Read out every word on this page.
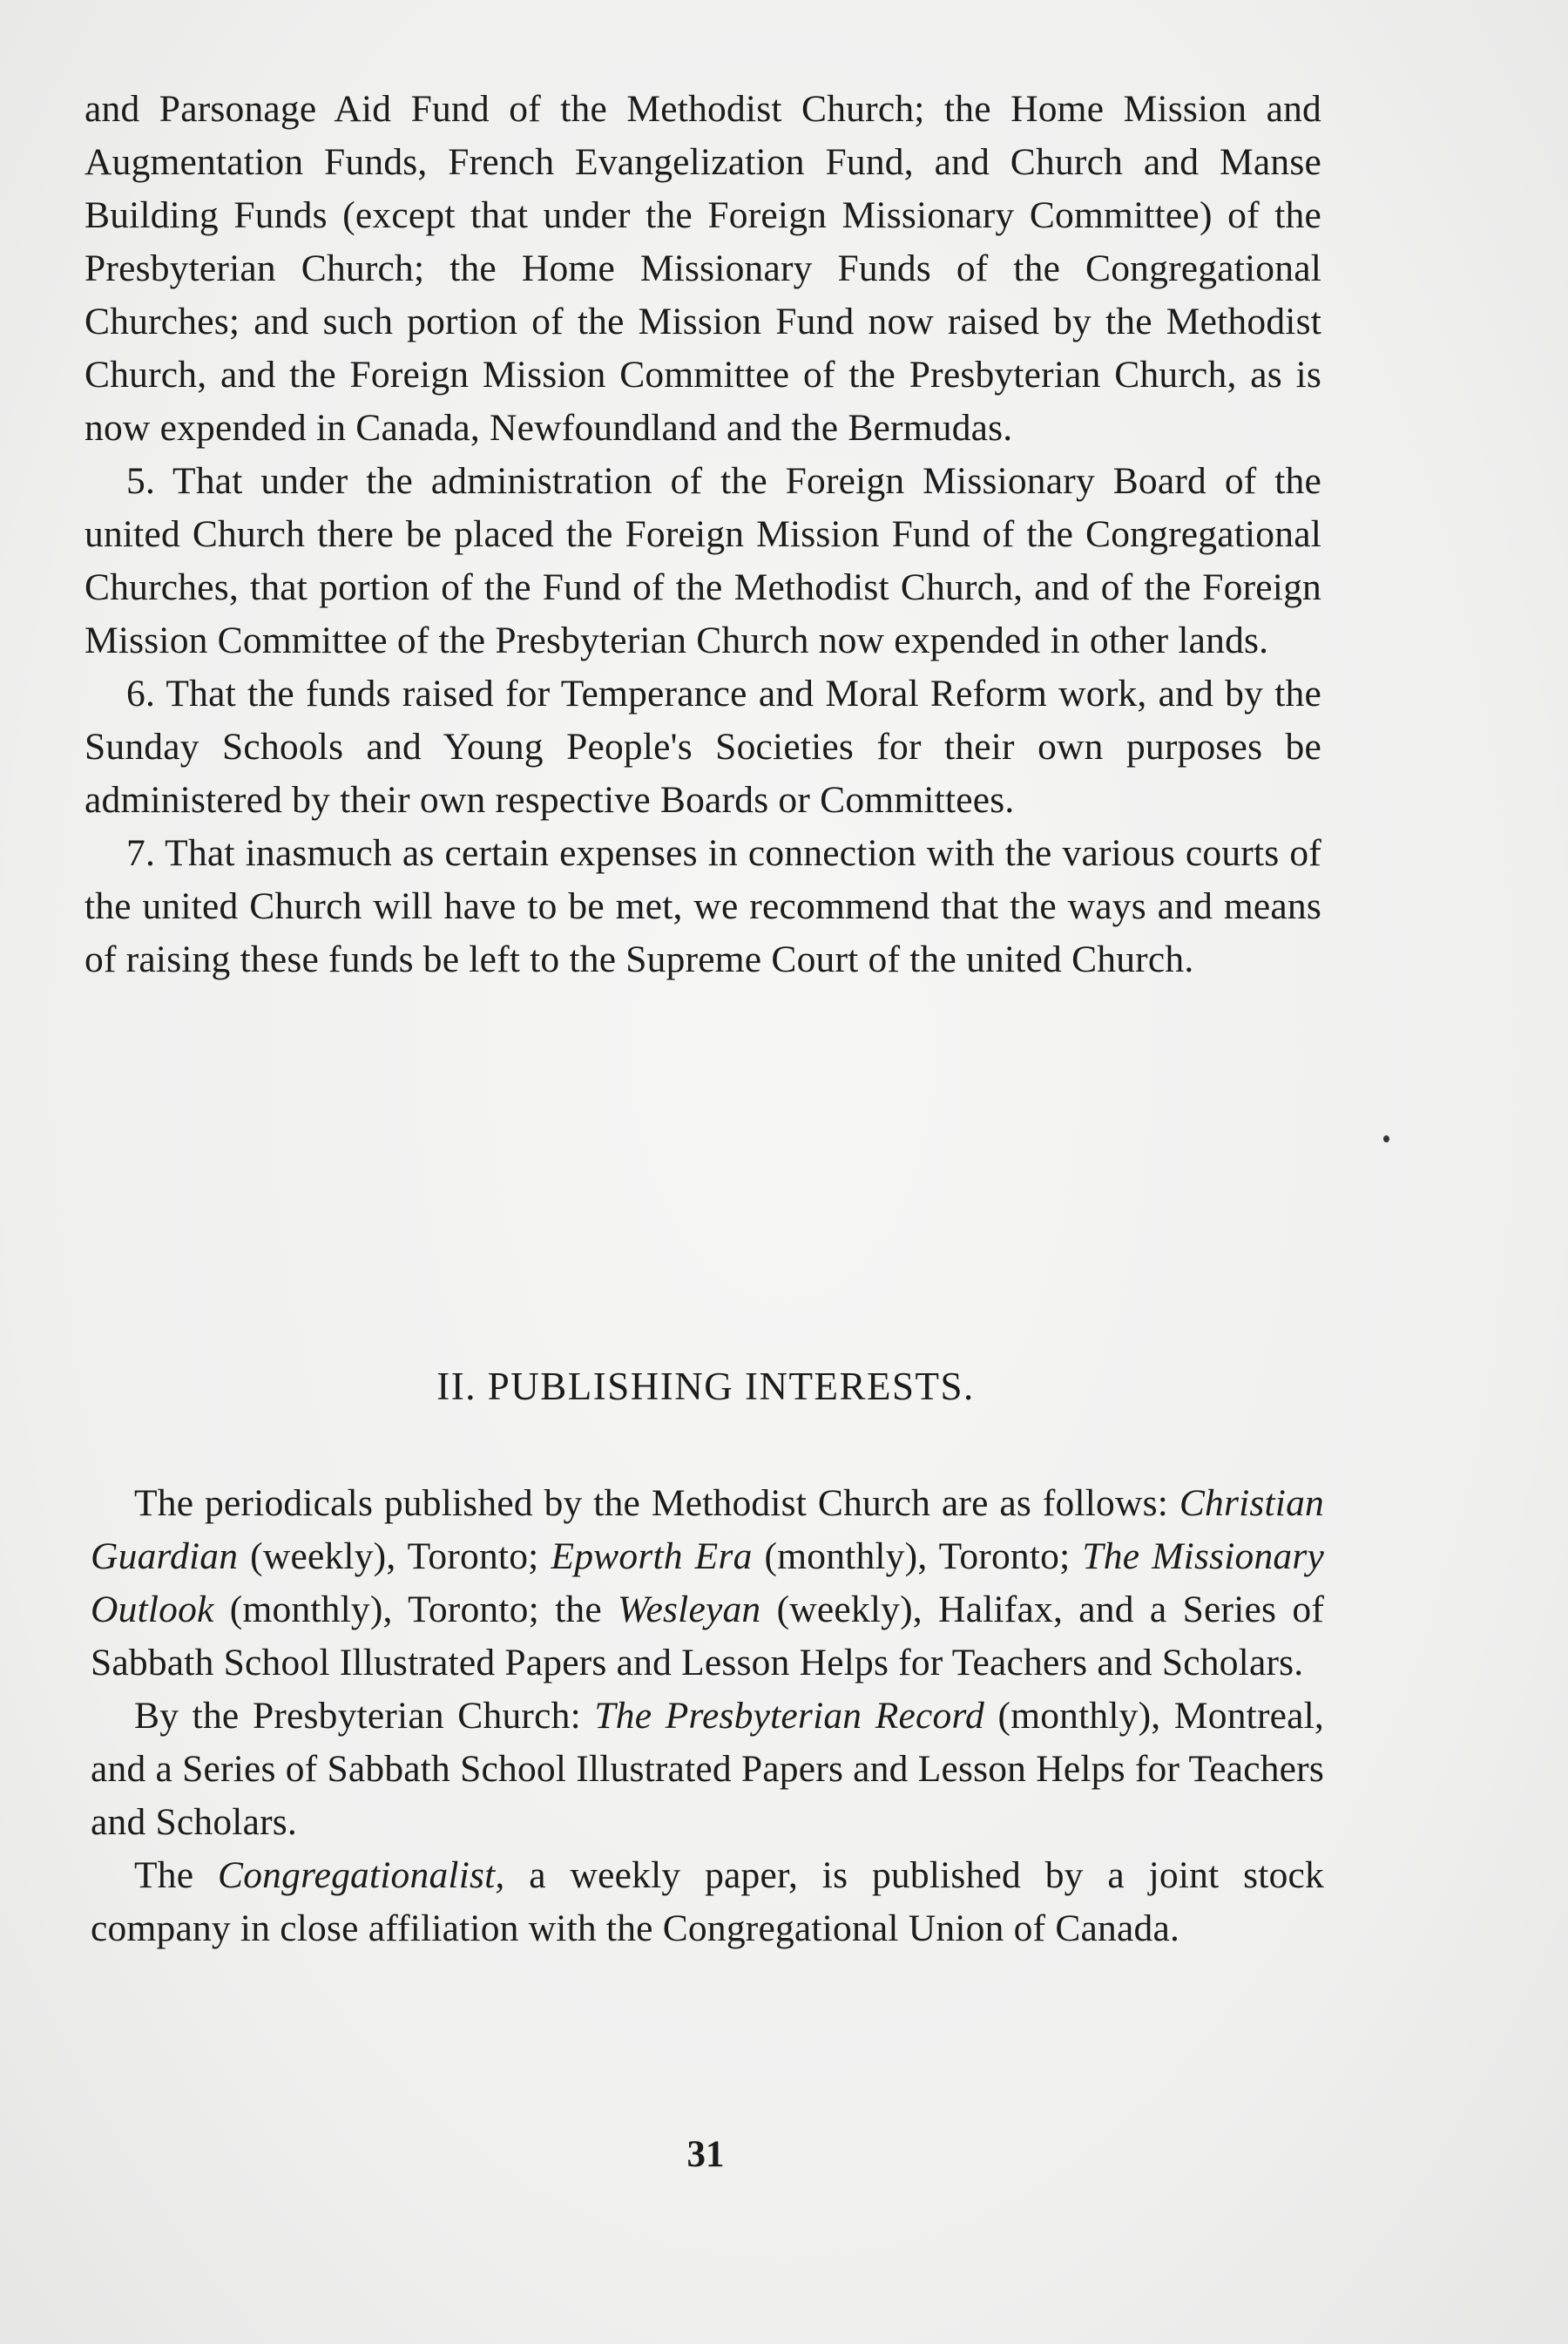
and Parsonage Aid Fund of the Methodist Church; the Home Mission and Augmentation Funds, French Evangelization Fund, and Church and Manse Building Funds (except that under the Foreign Missionary Committee) of the Presbyterian Church; the Home Missionary Funds of the Congregational Churches; and such portion of the Mission Fund now raised by the Methodist Church, and the Foreign Mission Committee of the Presbyterian Church, as is now expended in Canada, Newfoundland and the Bermudas.

5. That under the administration of the Foreign Missionary Board of the united Church there be placed the Foreign Mission Fund of the Congregational Churches, that portion of the Fund of the Methodist Church, and of the Foreign Mission Committee of the Presbyterian Church now expended in other lands.

6. That the funds raised for Temperance and Moral Reform work, and by the Sunday Schools and Young People's Societies for their own purposes be administered by their own respective Boards or Committees.

7. That inasmuch as certain expenses in connection with the various courts of the united Church will have to be met, we recommend that the ways and means of raising these funds be left to the Supreme Court of the united Church.

II. PUBLISHING INTERESTS.

The periodicals published by the Methodist Church are as follows: Christian Guardian (weekly), Toronto; Epworth Era (monthly), Toronto; The Missionary Outlook (monthly), Toronto; the Wesleyan (weekly), Halifax, and a Series of Sabbath School Illustrated Papers and Lesson Helps for Teachers and Scholars.

By the Presbyterian Church: The Presbyterian Record (monthly), Montreal, and a Series of Sabbath School Illustrated Papers and Lesson Helps for Teachers and Scholars.

The Congregationalist, a weekly paper, is published by a joint stock company in close affiliation with the Congregational Union of Canada.

31
